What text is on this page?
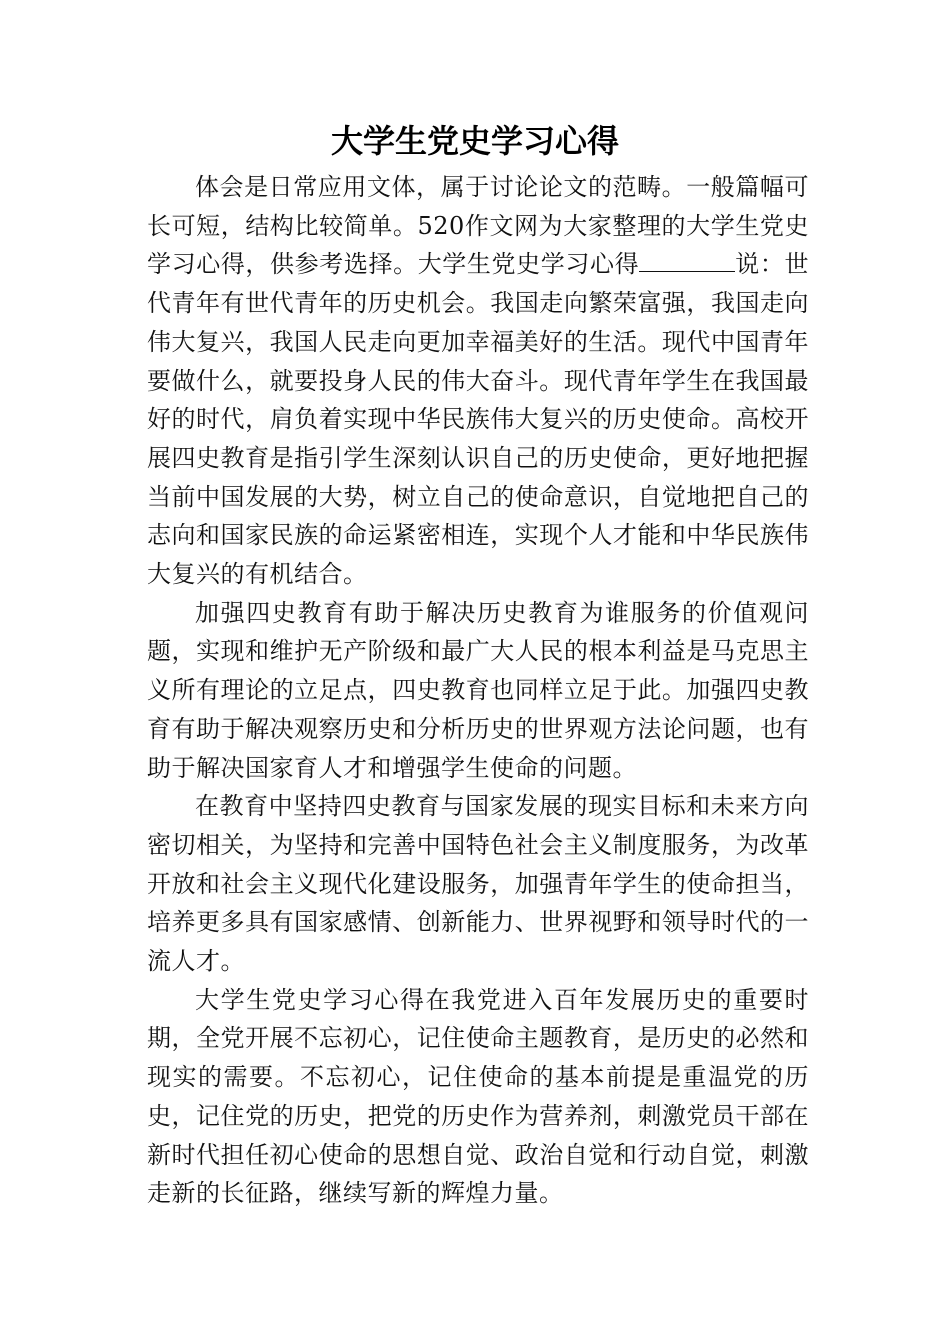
大学生党史学习心得

体会是日常应用文体，属于讨论论文的范畴。一般篇幅可长可短，结构比较简单。520作文网为大家整理的大学生党史学习心得，供参考选择。大学生党史学习心得	说：世代青年有世代青年的历史机会。我国走向繁荣富强，我国走向伟大复兴，我国人民走向更加幸福美好的生活。现代中国青年要做什么，就要投身人民的伟大奋斗。现代青年学生在我国最好的时代，肩负着实现中华民族伟大复兴的历史使命。高校开展四史教育是指引学生深刻认识自己的历史使命，更好地把握当前中国发展的大势，树立自己的使命意识，自觉地把自己的志向和国家民族的命运紧密相连，实现个人才能和中华民族伟大复兴的有机结合。

加强四史教育有助于解决历史教育为谁服务的价值观问题，实现和维护无产阶级和最广大人民的根本利益是马克思主义所有理论的立足点，四史教育也同样立足于此。加强四史教育有助于解决观察历史和分析历史的世界观方法论问题，也有助于解决国家育人才和增强学生使命的问题。

在教育中坚持四史教育与国家发展的现实目标和未来方向密切相关，为坚持和完善中国特色社会主义制度服务，为改革开放和社会主义现代化建设服务，加强青年学生的使命担当，培养更多具有国家感情、创新能力、世界视野和领导时代的一流人才。

大学生党史学习心得在我党进入百年发展历史的重要时期，全党开展不忘初心，记住使命主题教育，是历史的必然和现实的需要。不忘初心，记住使命的基本前提是重温党的历史，记住党的历史，把党的历史作为营养剂，刺激党员干部在新时代担任初心使命的思想自觉、政治自觉和行动自觉，刺激走新的长征路，继续写新的辉煌力量。
